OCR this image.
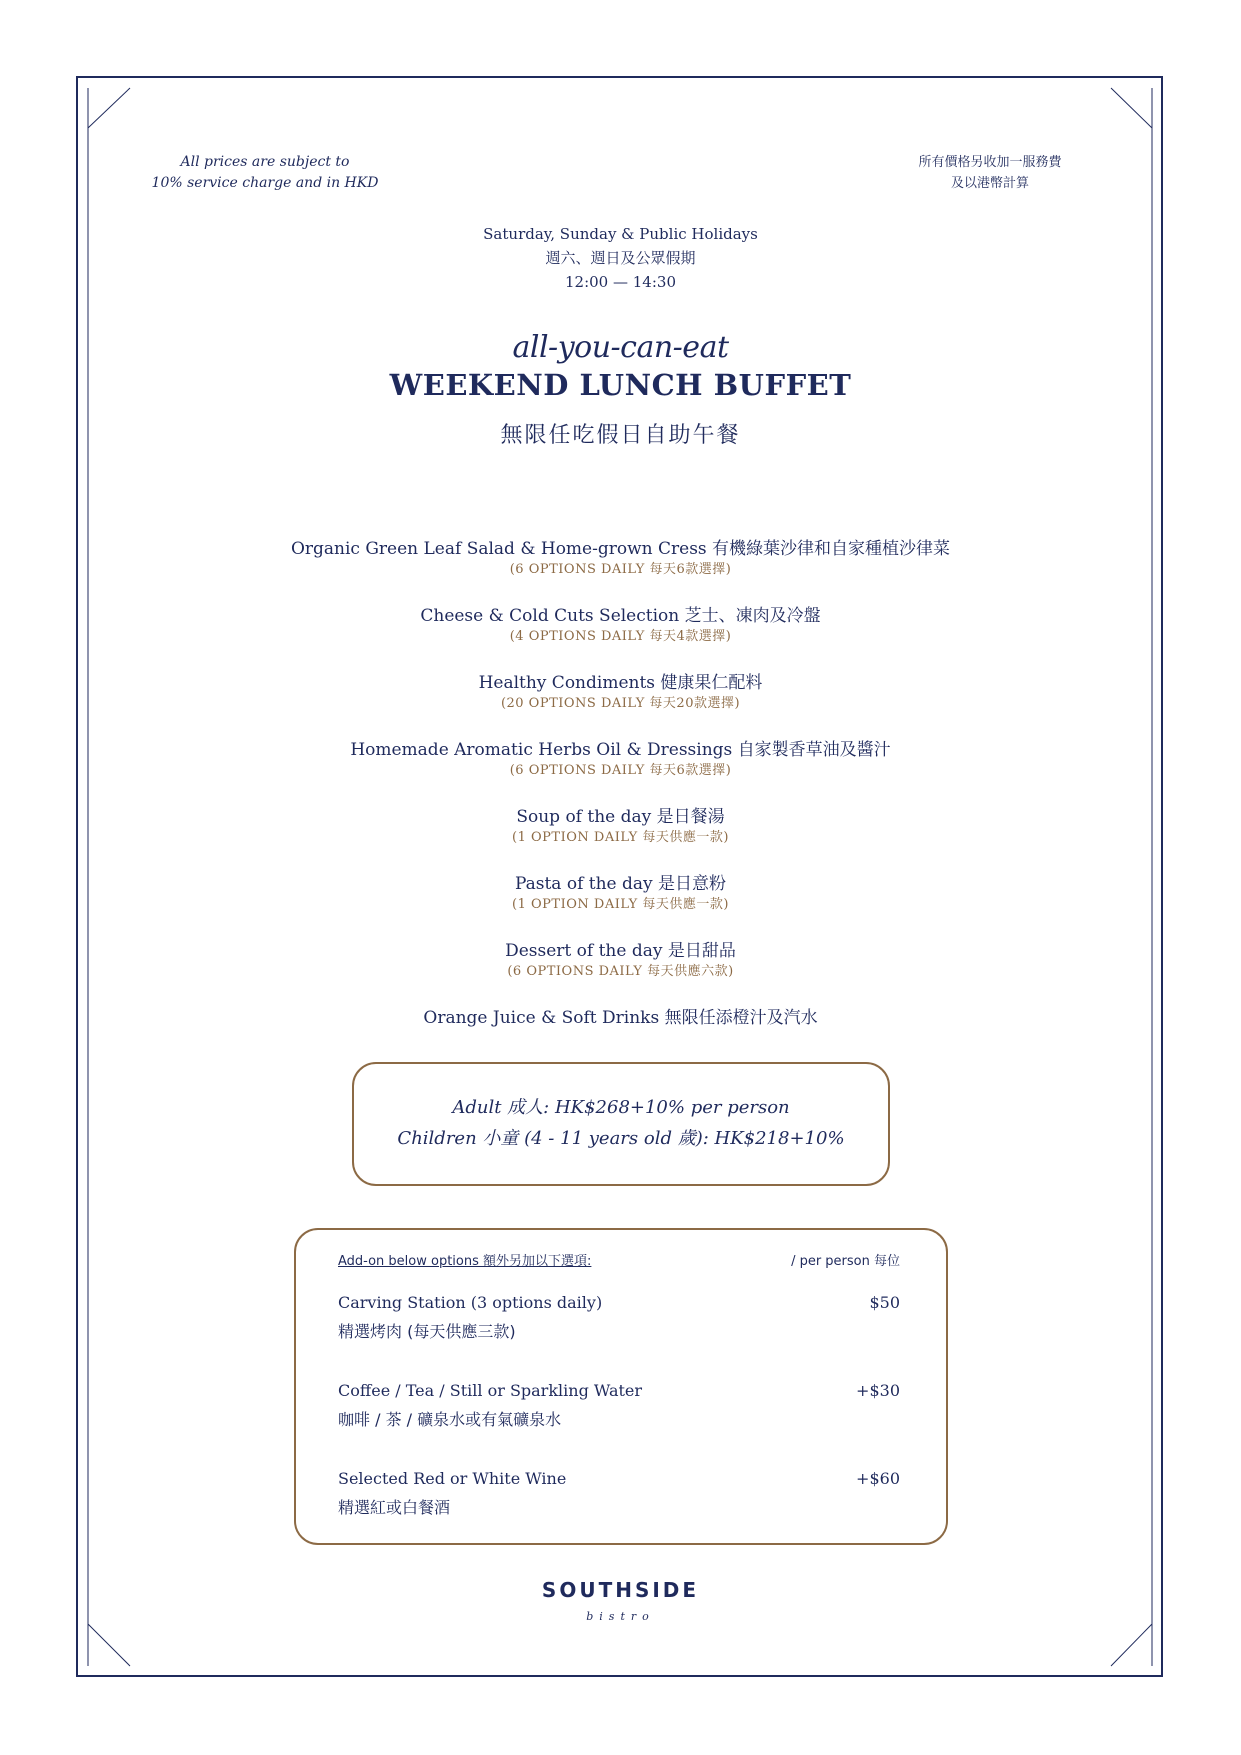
All prices are subject to
10% service charge and in HKD
所有價格另收加一服務費
及以港幣計算
Saturday, Sunday & Public Holidays
週六、週日及公眾假期
12:00 — 14:30
all-you-can-eat
WEEKEND LUNCH BUFFET
無限任吃假日自助午餐
Organic Green Leaf Salad & Home-grown Cress 有機綠葉沙律和自家種植沙律菜
(6 OPTIONS DAILY 每天6款選擇)
Cheese & Cold Cuts Selection 芝士、凍肉及冷盤
(4 OPTIONS DAILY 每天4款選擇)
Healthy Condiments 健康果仁配料
(20 OPTIONS DAILY 每天20款選擇)
Homemade Aromatic Herbs Oil & Dressings 自家製香草油及醬汁
(6 OPTIONS DAILY 每天6款選擇)
Soup of the day 是日餐湯
(1 OPTION DAILY 每天供應一款)
Pasta of the day 是日意粉
(1 OPTION DAILY 每天供應一款)
Dessert of the day 是日甜品
(6 OPTIONS DAILY 每天供應六款)
Orange Juice & Soft Drinks 無限任添橙汁及汽水
Adult 成人: HK$268+10% per person
Children 小童 (4 - 11 years old 歲): HK$218+10%
Add-on below options 額外另加以下選項:	/ per person 每位
Carving Station (3 options daily)
精選烤肉 (每天供應三款)
$50
Coffee / Tea / Still or Sparkling Water
咖啡 / 茶 / 礦泉水或有氣礦泉水
+$30
Selected Red or White Wine
精選紅或白餐酒
+$60
SOUTHSIDE
bistro
